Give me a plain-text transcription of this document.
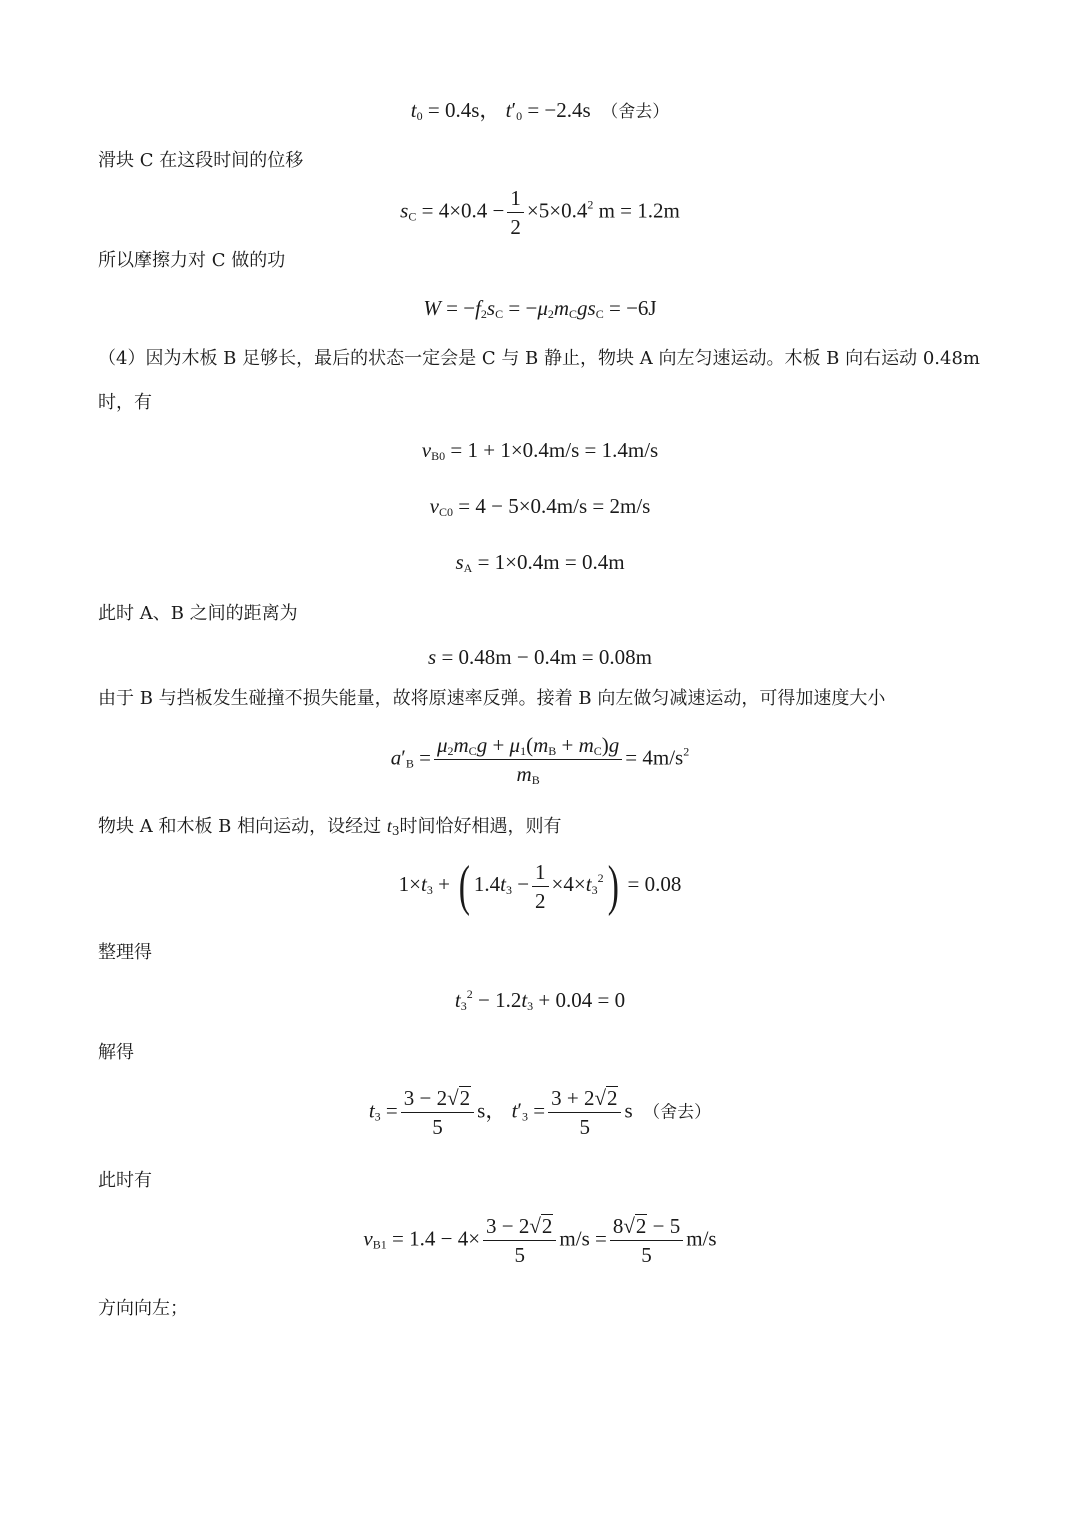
$t_0 = 0.4s$， $t'_0 = -2.4s$  （舍去）
滑块 C 在这段时间的位移
$s_C = 4\times 0.4 - \frac{1}{2} \times 5\times 0.4^2$ m = 1.2m
所以摩擦力对 C 做的功
$W = -f_2s_C = -\mu_2m_Cgs_C = -6J$
（4）因为木板 B 足够长，最后的状态一定会是 C 与 B 静止，物块 A 向左匀速运动。木板 B 向右运动 0.48m
时，有
$v_{B0} = 1 + 1\times 0.4m/s = 1.4m/s$
$v_{C0} = 4 - 5\times 0.4m/s = 2m/s$
$s_A = 1\times 0.4m = 0.4m$
此时 A、B 之间的距离为
s = 0.48m − 0.4m = 0.08m
由于 B 与挡板发生碰撞不损失能量，故将原速率反弹。接着 B 向左做匀减速运动，可得加速度大小
$a'_B = \frac{\mu_2m_Cg + \mu_1(m_B + m_C)g}{m_B} = 4m/s^2$
物块 A 和木板 B 相向运动，设经过 $t_3$时间恰好相遇，则有
$1\times t_3$ + ( $1.4t_3 - \frac{1}{2} \times 4\times t_3^2) = 0.08$
整理得
$t_3^2 - 1.2t_3 + 0.04 = 0$
解得
$t_3 = \frac{3 - 2√2}{5}$ s， $t'_3 = \frac{3 + 2√2}{5}$ s  （舍去）
此时有
$v_{B1} = 1.4 - 4\times \frac{3 - 2√2}{5} m/s = \frac{8√2 - 5}{5} m/s$
方向向左；
